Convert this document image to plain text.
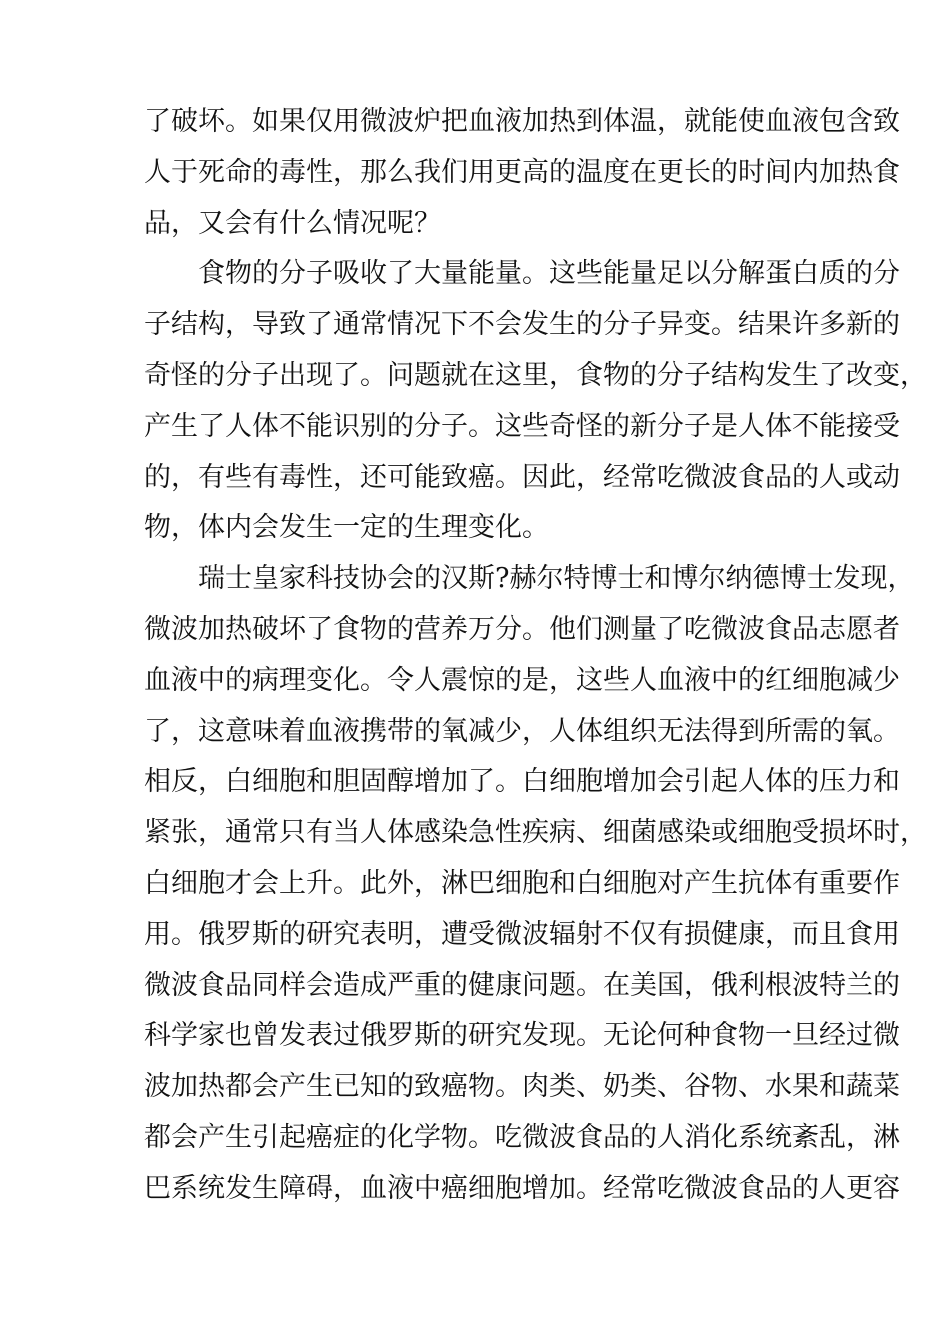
了破坏。如果仅用微波炉把血液加热到体温，就能使血液包含致
人于死命的毒性，那么我们用更高的温度在更长的时间内加热食
品，又会有什么情况呢？
食物的分子吸收了大量能量。这些能量足以分解蛋白质的分
子结构，导致了通常情况下不会发生的分子异变。结果许多新的
奇怪的分子出现了。问题就在这里，食物的分子结构发生了改变，
产生了人体不能识别的分子。这些奇怪的新分子是人体不能接受
的，有些有毒性，还可能致癌。因此，经常吃微波食品的人或动
物，体内会发生一定的生理变化。
瑞士皇家科技协会的汉斯?赫尔特博士和博尔纳德博士发现，
微波加热破坏了食物的营养万分。他们测量了吃微波食品志愿者
血液中的病理变化。令人震惊的是，这些人血液中的红细胞减少
了，这意味着血液携带的氧减少，人体组织无法得到所需的氧。
相反，白细胞和胆固醇增加了。白细胞增加会引起人体的压力和
紧张，通常只有当人体感染急性疾病、细菌感染或细胞受损坏时，
白细胞才会上升。此外，淋巴细胞和白细胞对产生抗体有重要作
用。俄罗斯的研究表明，遭受微波辐射不仅有损健康，而且食用
微波食品同样会造成严重的健康问题。在美国，俄利根波特兰的
科学家也曾发表过俄罗斯的研究发现。无论何种食物一旦经过微
波加热都会产生已知的致癌物。肉类、奶类、谷物、水果和蔬菜
都会产生引起癌症的化学物。吃微波食品的人消化系统紊乱，淋
巴系统发生障碍，血液中癌细胞增加。经常吃微波食品的人更容
